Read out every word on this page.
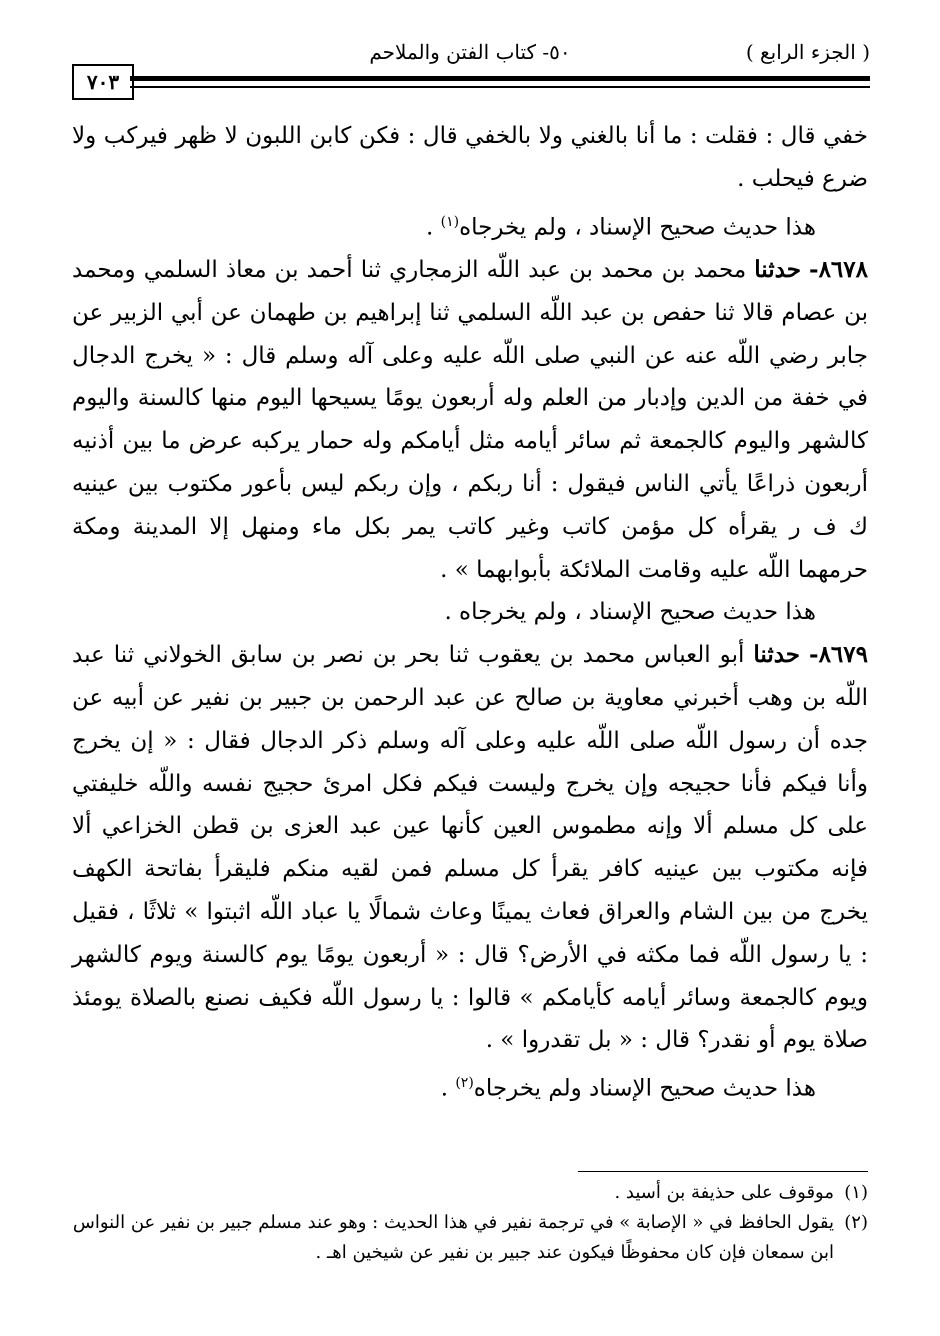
( الجزء الرابع )
٥٠- كتاب الفتن والملاحم
٧٠٣

خفي قال : فقلت : ما أنا بالغني ولا بالخفي قال : فكن كابن اللبون لا ظهر فيركب ولا ضرع فيحلب .

هذا حديث صحيح الإسناد ، ولم يخرجاه$^{(١)}$ .

٨٦٧٨- حدثنا محمد بن محمد بن عبد اللّه الزمجاري ثنا أحمد بن معاذ السلمي ومحمد بن عصام قالا ثنا حفص بن عبد اللّه السلمي ثنا إبراهيم بن طهمان عن أبي الزبير عن جابر رضي اللّه عنه عن النبي صلى اللّه عليه وعلى آله وسلم قال : « يخرج الدجال في خفة من الدين وإدبار من العلم وله أربعون يومًا يسيحها اليوم منها كالسنة واليوم كالشهر واليوم كالجمعة ثم سائر أيامه مثل أيامكم وله حمار يركبه عرض ما بين أذنيه أربعون ذراعًا يأتي الناس فيقول : أنا ربكم ، وإن ربكم ليس بأعور مكتوب بين عينيه ك ف ر يقرأه كل مؤمن كاتب وغير كاتب يمر بكل ماء ومنهل إلا المدينة ومكة حرمهما اللّه عليه وقامت الملائكة بأبوابهما » .

هذا حديث صحيح الإسناد ، ولم يخرجاه .

٨٦٧٩- حدثنا أبو العباس محمد بن يعقوب ثنا بحر بن نصر بن سابق الخولاني ثنا عبد اللّه بن وهب أخبرني معاوية بن صالح عن عبد الرحمن بن جبير بن نفير عن أبيه عن جده أن رسول اللّه صلى اللّه عليه وعلى آله وسلم ذكر الدجال فقال : « إن يخرج وأنا فيكم فأنا حجيجه وإن يخرج وليست فيكم فكل امرئ حجيج نفسه واللّه خليفتي على كل مسلم ألا وإنه مطموس العين كأنها عين عبد العزى بن قطن الخزاعي ألا فإنه مكتوب بين عينيه كافر يقرأ كل مسلم فمن لقيه منكم فليقرأ بفاتحة الكهف يخرج من بين الشام والعراق فعاث يمينًا وعاث شمالًا يا عباد اللّه اثبتوا » ثلاثًا ، فقيل : يا رسول اللّه فما مكثه في الأرض؟ قال : « أربعون يومًا يوم كالسنة ويوم كالشهر ويوم كالجمعة وسائر أيامه كأيامكم » قالوا : يا رسول اللّه فكيف نصنع بالصلاة يومئذ صلاة يوم أو نقدر؟ قال : « بل تقدروا » .

هذا حديث صحيح الإسناد ولم يخرجاه$^{(٢)}$ .

(١)موقوف على حذيفة بن أسيد .

(٢)يقول الحافظ في « الإصابة » في ترجمة نفير في هذا الحديث : وهو عند مسلم جبير بن نفير عن النواس

ابن سمعان فإن كان محفوظًا فيكون عند جبير بن نفير عن شيخين اهـ .
